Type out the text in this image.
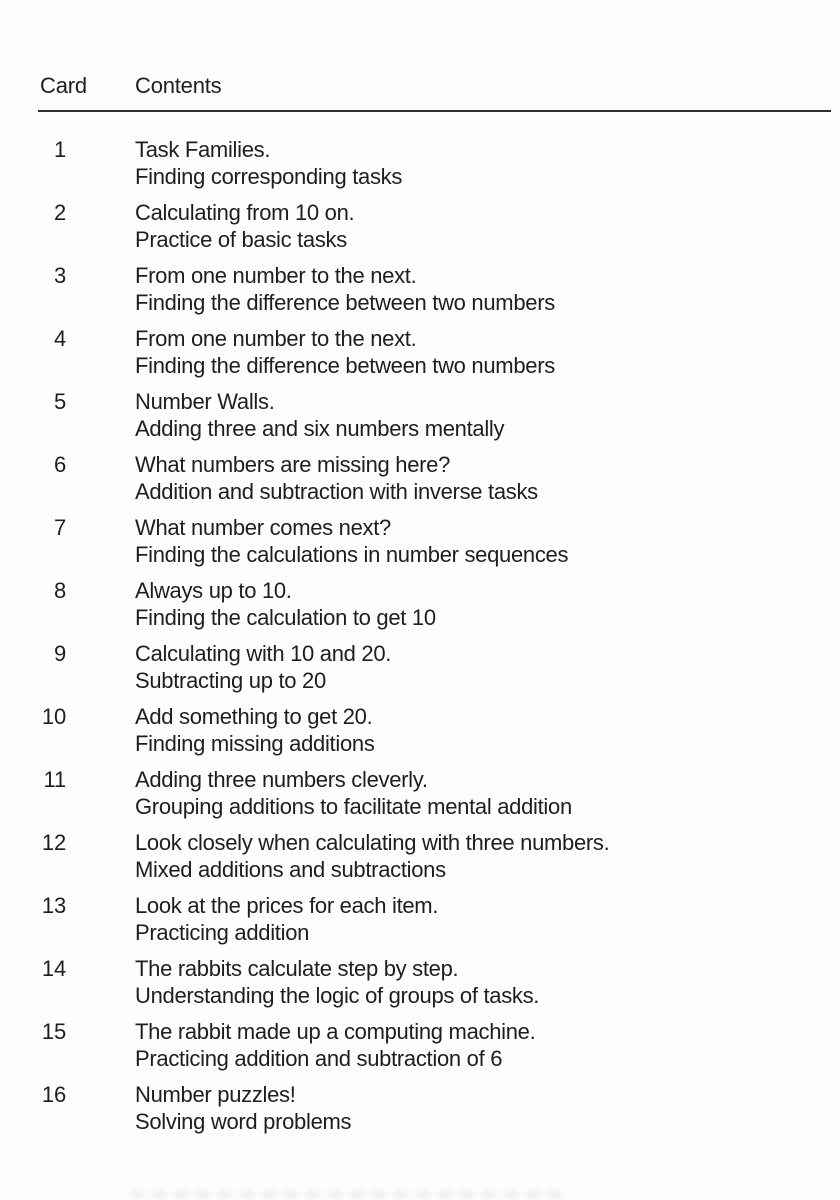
Card Contents
1	Task Families.
Finding corresponding tasks
2	Calculating from 10 on.
Practice of basic tasks
3	From one number to the next.
Finding the difference between two numbers
4	From one number to the next.
Finding the difference between two numbers
5	Number Walls.
Adding three and six numbers mentally
6	What numbers are missing here?
Addition and subtraction with inverse tasks
7	What number comes next?
Finding the calculations in number sequences
8	Always up to 10.
Finding the calculation to get 10
9	Calculating with 10 and 20.
Subtracting up to 20
10	Add something to get 20.
Finding missing additions
11	Adding three numbers cleverly.
Grouping additions to facilitate mental addition
12	Look closely when calculating with three numbers.
Mixed additions and subtractions
13	Look at the prices for each item.
Practicing addition
14	The rabbits calculate step by step.
Understanding the logic of groups of tasks.
15	The rabbit made up a computing machine.
Practicing addition and subtraction of 6
16	Number puzzles!
Solving word problems
